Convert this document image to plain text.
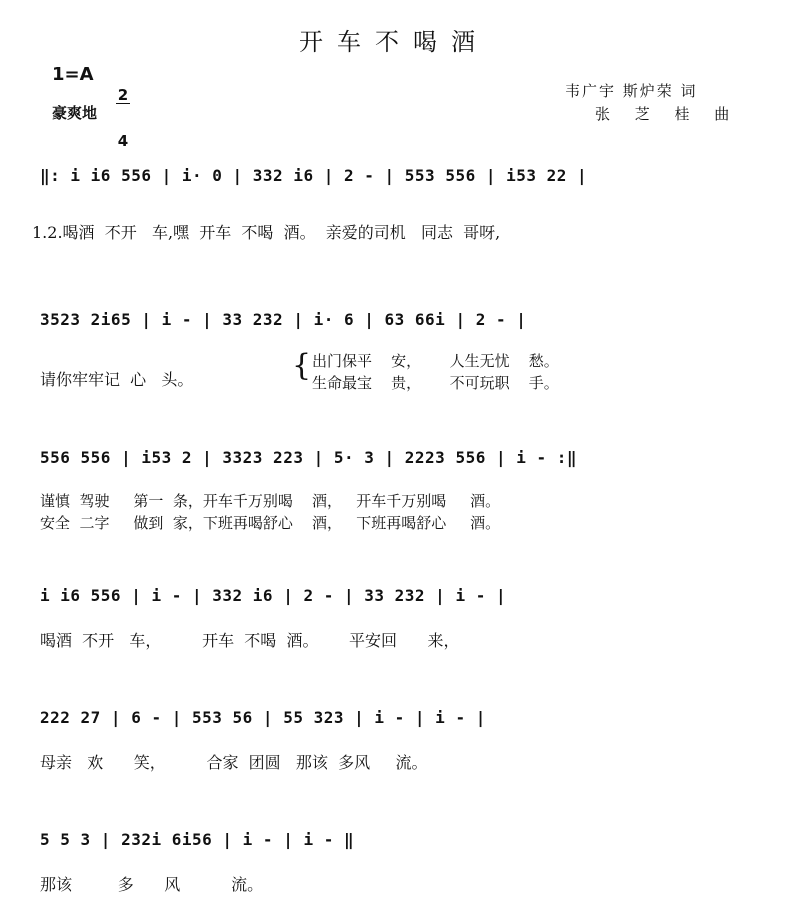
开车不喝酒
1=A

$\frac{2}{4}$

豪爽地
韦广宇 斯炉荣 词
张 芝 桂 曲
‖: i i6 556 | i· 0 | 332 i6 | 2 - | 553 556 | i53 22 |
1.2.喝酒  不开   车,嘿  开车  不喝  酒。  亲爱的司机   同志  哥呀,
3523 2i65 | i - | 33 232 | i· 6 | 63 66i | 2 - |
请你牢牢记  心   头。	{ 出门保平    安，      人生无忧    愁。
生命最宝    贵，      不可玩职    手。
556 556 | i53 2 | 3323 223 | 5· 3 | 2223 556 | i - :‖
谨慎  驾驶     第一  条，开车千万别喝    酒，   开车千万别喝     酒。
安全  二字     做到  家，下班再喝舒心    酒，   下班再喝舒心     酒。
i i6 556 | i - | 332 i6 | 2 - | 33 232 | i - |
喝酒  不开   车，        开车  不喝  酒。      平安回      来，
222 27 | 6 - | 553 56 | 55 323 | i - | i - |
母亲   欢      笑，        合家  团圆   那该  多风     流。
5 5 3 | 232i 6i56 | i - | i - ‖
那该         多      风          流。
